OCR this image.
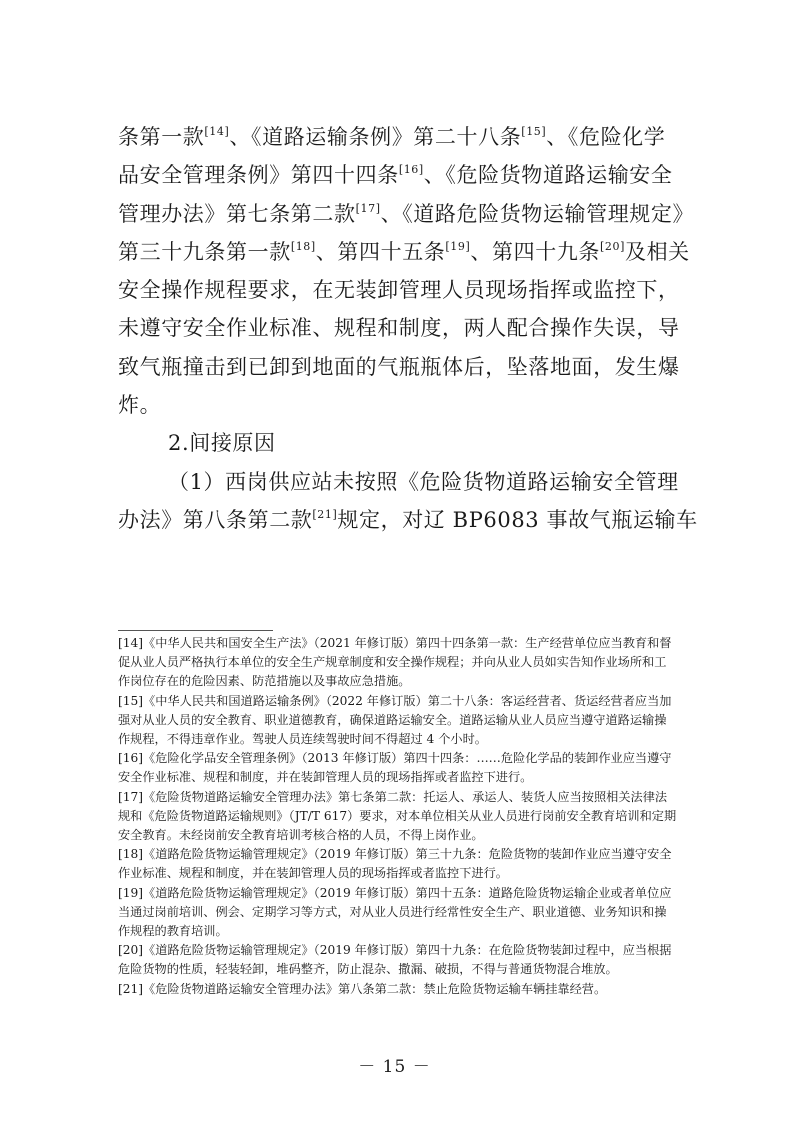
条第一款[14]、《道路运输条例》第二十八条[15]、《危险化学
品安全管理条例》第四十四条[16]、《危险货物道路运输安全
管理办法》第七条第二款[17]、《道路危险货物运输管理规定》
第三十九条第一款[18]、第四十五条[19]、第四十九条[20]及相关
安全操作规程要求，在无装卸管理人员现场指挥或监控下，
未遵守安全作业标准、规程和制度，两人配合操作失误，导
致气瓶撞击到已卸到地面的气瓶瓶体后，坠落地面，发生爆
炸。
2.间接原因
（1）西岗供应站未按照《危险货物道路运输安全管理
办法》第八条第二款[21]规定，对辽 BP6083 事故气瓶运输车

[14]《中华人民共和国安全生产法》（2021 年修订版）第四十四条第一款：生产经营单位应当教育和督促从业人员严格执行本单位的安全生产规章制度和安全操作规程；并向从业人员如实告知作业场所和工作岗位存在的危险因素、防范措施以及事故应急措施。

[15]《中华人民共和国道路运输条例》（2022 年修订版）第二十八条：客运经营者、货运经营者应当加强对从业人员的安全教育、职业道德教育，确保道路运输安全。道路运输从业人员应当遵守道路运输操作规程，不得违章作业。驾驶人员连续驾驶时间不得超过 4 个小时。

[16]《危险化学品安全管理条例》（2013 年修订版）第四十四条：……危险化学品的装卸作业应当遵守安全作业标准、规程和制度，并在装卸管理人员的现场指挥或者监控下进行。

[17]《危险货物道路运输安全管理办法》第七条第二款：托运人、承运人、装货人应当按照相关法律法规和《危险货物道路运输规则》（JT/T 617）要求，对本单位相关从业人员进行岗前安全教育培训和定期安全教育。未经岗前安全教育培训考核合格的人员，不得上岗作业。

[18]《道路危险货物运输管理规定》（2019 年修订版）第三十九条：危险货物的装卸作业应当遵守安全作业标准、规程和制度，并在装卸管理人员的现场指挥或者监控下进行。

[19]《道路危险货物运输管理规定》（2019 年修订版）第四十五条：道路危险货物运输企业或者单位应当通过岗前培训、例会、定期学习等方式，对从业人员进行经常性安全生产、职业道德、业务知识和操作规程的教育培训。

[20]《道路危险货物运输管理规定》（2019 年修订版）第四十九条：在危险货物装卸过程中，应当根据危险货物的性质，轻装轻卸，堆码整齐，防止混杂、撒漏、破损，不得与普通货物混合堆放。

[21]《危险货物道路运输安全管理办法》第八条第二款：禁止危险货物运输车辆挂靠经营。

－ 15 －
